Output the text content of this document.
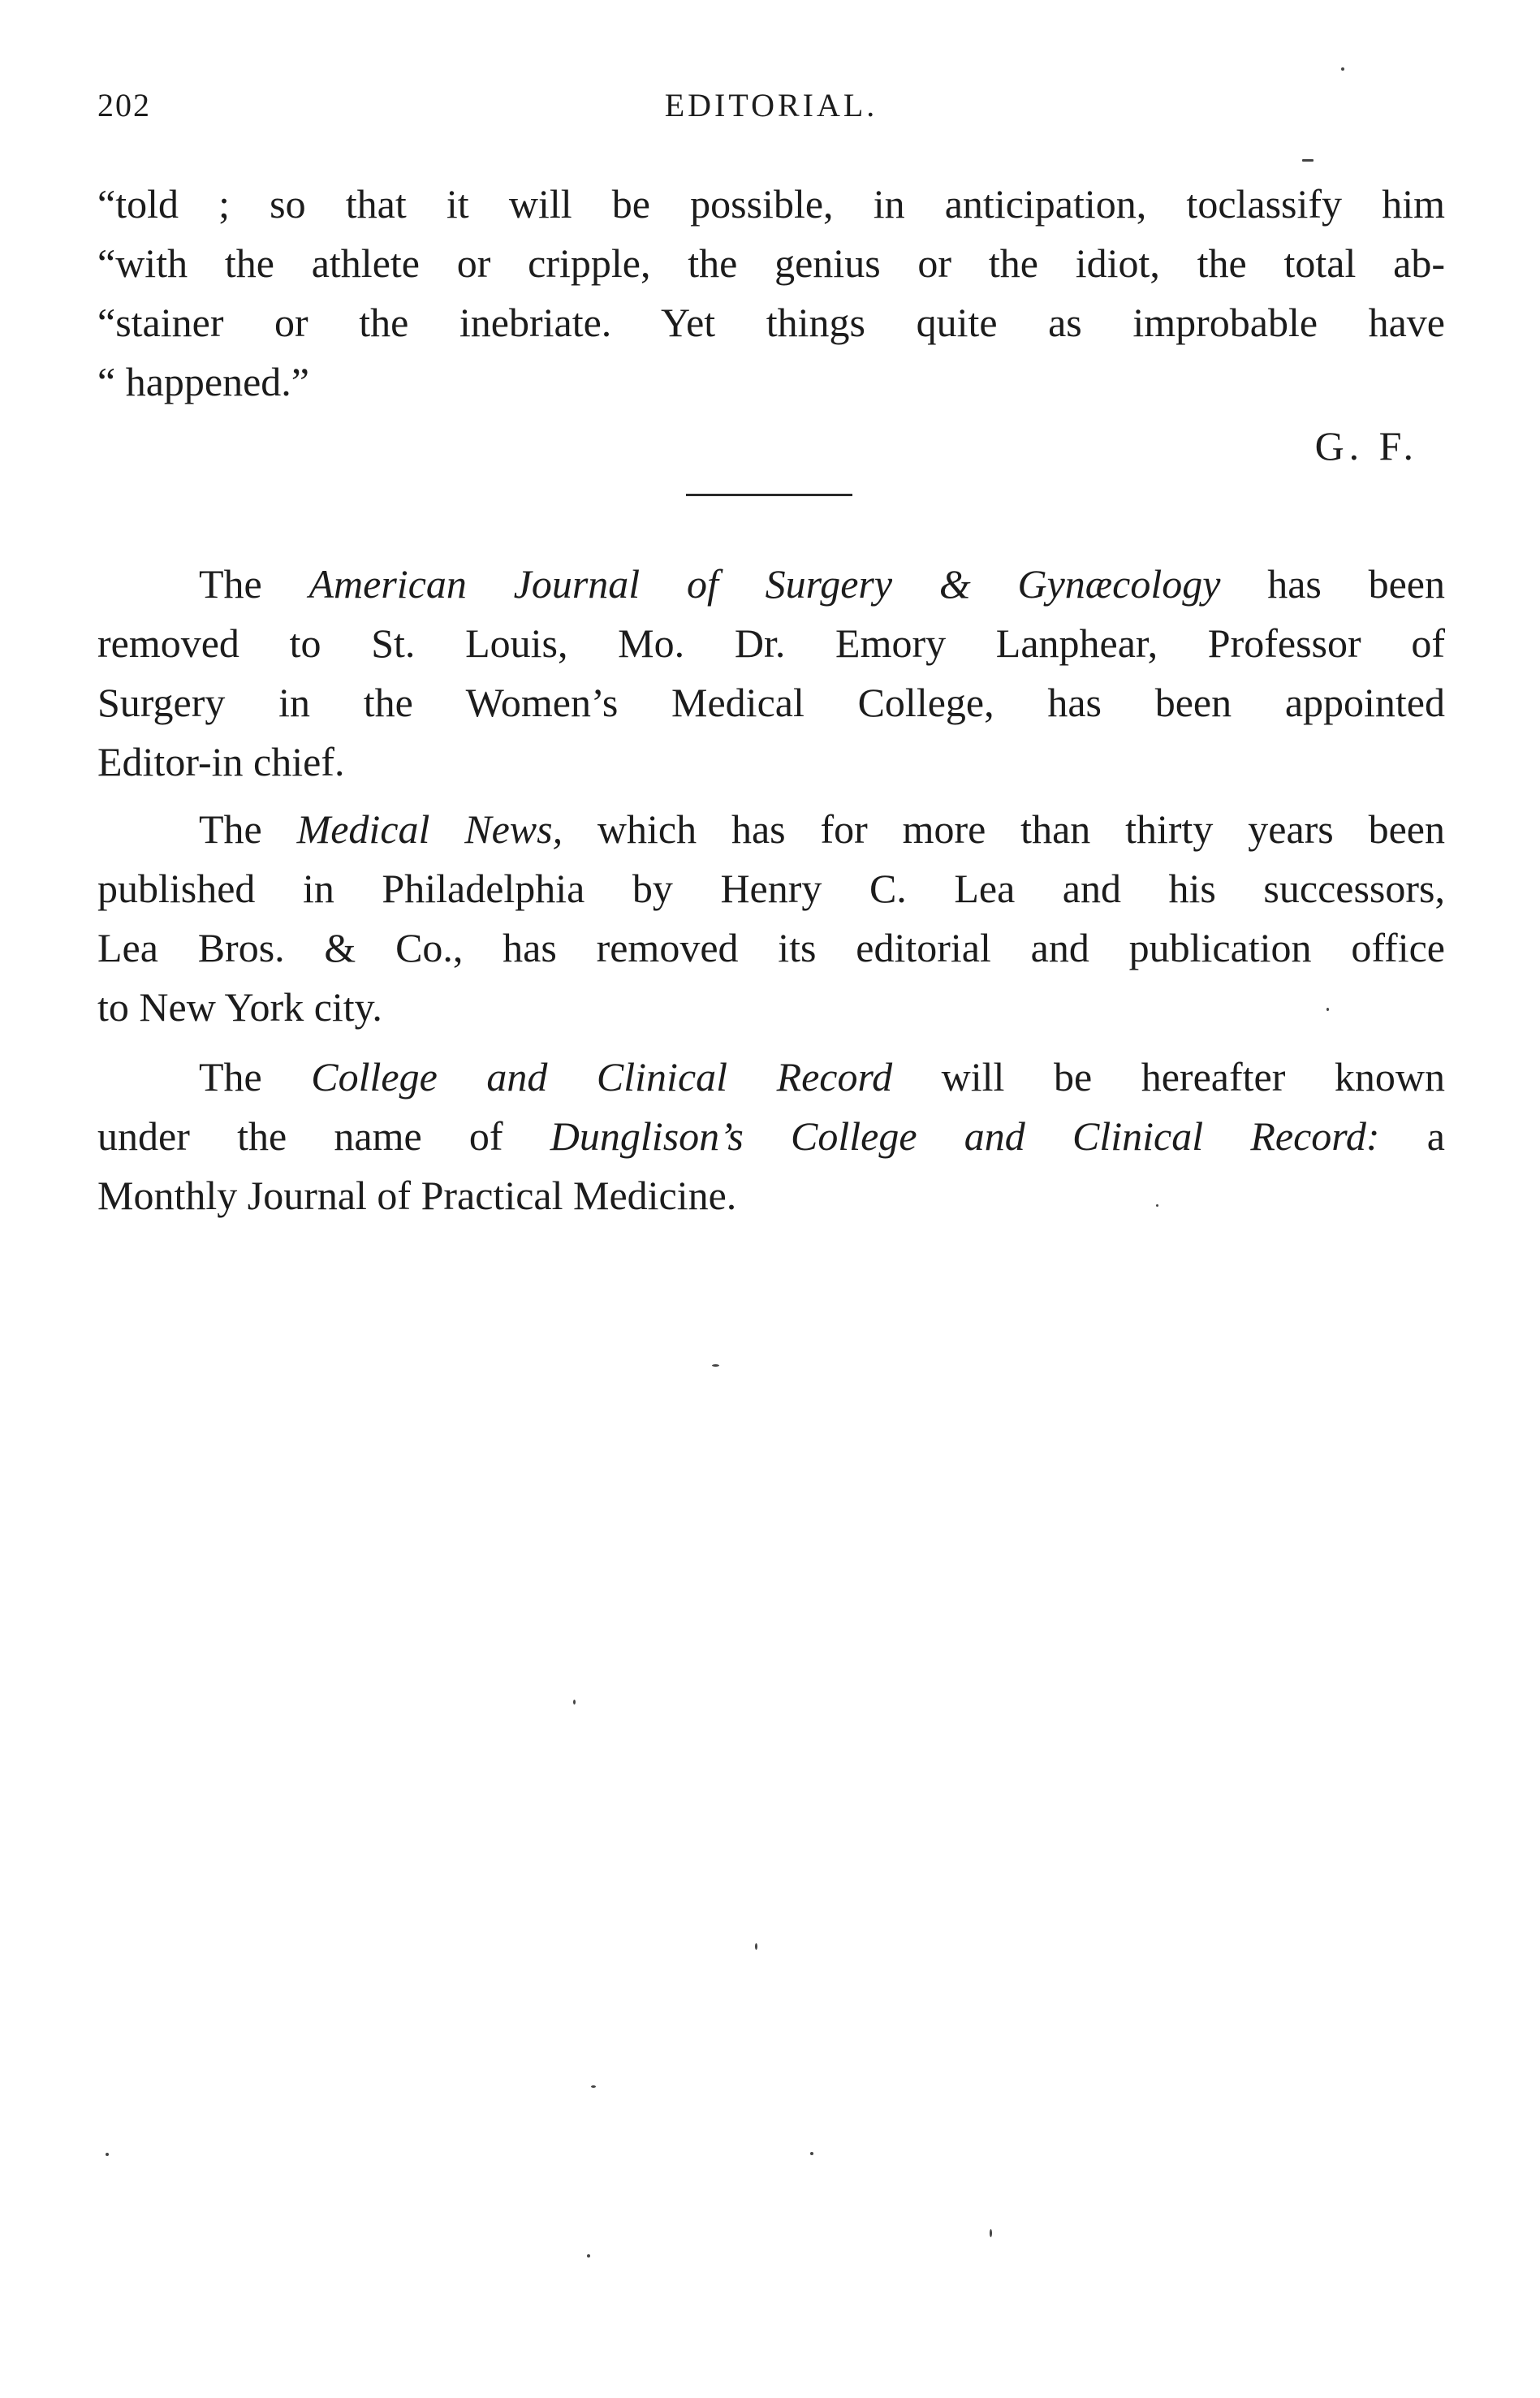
202	EDITORIAL.
“told ; so that it will be possible, in anticipation, toclassify him
“with the athlete or cripple, the genius or the idiot, the total ab-
“stainer or the inebriate. Yet things quite as improbable have
“ happened.”
G. F.
The American Journal of Surgery & Gynæcology has been
removed to St. Louis, Mo. Dr. Emory Lanphear, Professor of
Surgery in the Women’s Medical College, has been appointed
Editor-in chief.
The Medical News, which has for more than thirty years been
published in Philadelphia by Henry C. Lea and his successors,
Lea Bros. & Co., has removed its editorial and publication office
to New York city.
The College and Clinical Record will be hereafter known
under the name of Dunglison’s College and Clinical Record: a
Monthly Journal of Practical Medicine.
